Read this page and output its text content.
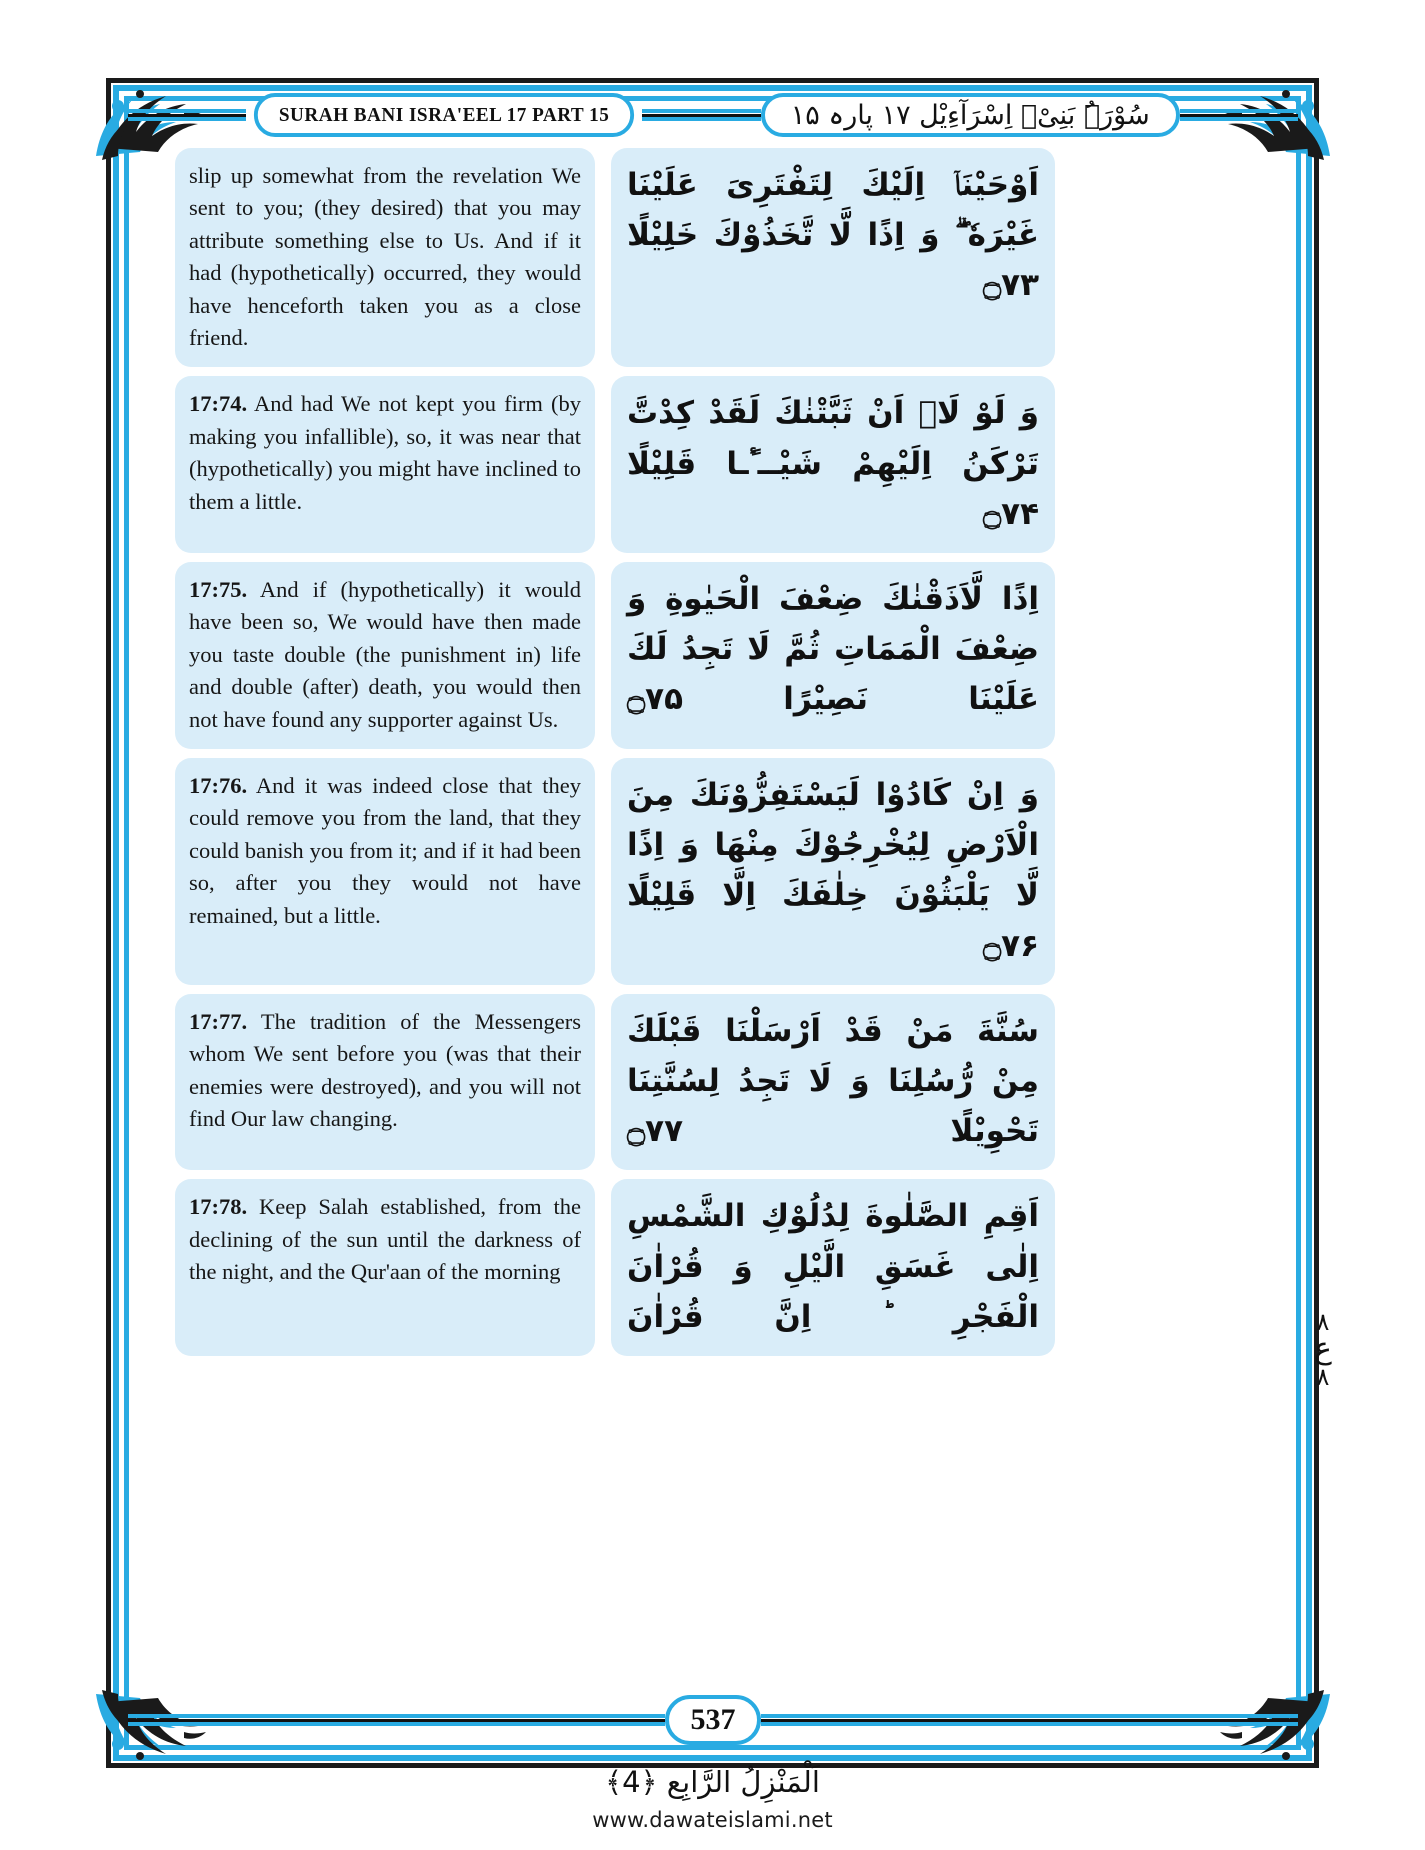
SURAH BANI ISRA'EEL 17 PART 15	سُوْرَۃُ بَنِیْۤ اِسْرَآءِیْل ۱۷ پارہ ۱۵
slip up somewhat from the revelation We sent to you; (they desired) that you may attribute something else to Us. And if it had (hypothetically) occurred, they would have henceforth taken you as a close friend.
اَوْحَیْنَاۤ اِلَیْكَ لِتَفْتَرِیَ عَلَیْنَا غَیْرَهٗ ۖۗ وَ اِذًا لَّا تَّخَذُوْكَ خَلِیْلًا ۝۷۳
17:74. And had We not kept you firm (by making you infallible), so, it was near that (hypothetically) you might have inclined to them a little.
وَ لَوْ لَاۤ اَنْ ثَبَّتْنٰكَ لَقَدْ كِدْتَّ تَرْكَنُ اِلَیْهِمْ شَیْــٴًـا قَلِیْلًا ۝۷۴
17:75. And if (hypothetically) it would have been so, We would have then made you taste double (the punishment in) life and double (after) death, you would then not have found any supporter against Us.
اِذًا لَّاَذَقْنٰكَ ضِعْفَ الْحَیٰوةِ وَ ضِعْفَ الْمَمَاتِ ثُمَّ لَا تَجِدُ لَكَ عَلَیْنَا نَصِیْرًا ۝۷۵
17:76. And it was indeed close that they could remove you from the land, that they could banish you from it; and if it had been so, after you they would not have remained, but a little.
وَ اِنْ كَادُوْا لَیَسْتَفِزُّوْنَكَ مِنَ الْاَرْضِ لِیُخْرِجُوْكَ مِنْهَا وَ اِذًا لَّا یَلْبَثُوْنَ خِلٰفَكَ اِلَّا قَلِیْلًا ۝۷۶
17:77. The tradition of the Messengers whom We sent before you (was that their enemies were destroyed), and you will not find Our law changing.
سُنَّةَ مَنْ قَدْ اَرْسَلْنَا قَبْلَكَ مِنْ رُّسُلِنَا وَ لَا تَجِدُ لِسُنَّتِنَا تَحْوِیْلًا ۝۷۷
17:78. Keep Salah established, from the declining of the sun until the darkness of the night, and the Qur'aan of the morning
اَقِمِ الصَّلٰوةَ لِدُلُوْكِ الشَّمْسِ اِلٰى غَسَقِ الَّیْلِ وَ قُرْاٰنَ الْفَجْرِ ؕ اِنَّ قُرْاٰنَ	۸
ع
۸
537
اَلْمَنْزِلُ الرَّابِع ﴿4﴾
www.dawateislami.net
